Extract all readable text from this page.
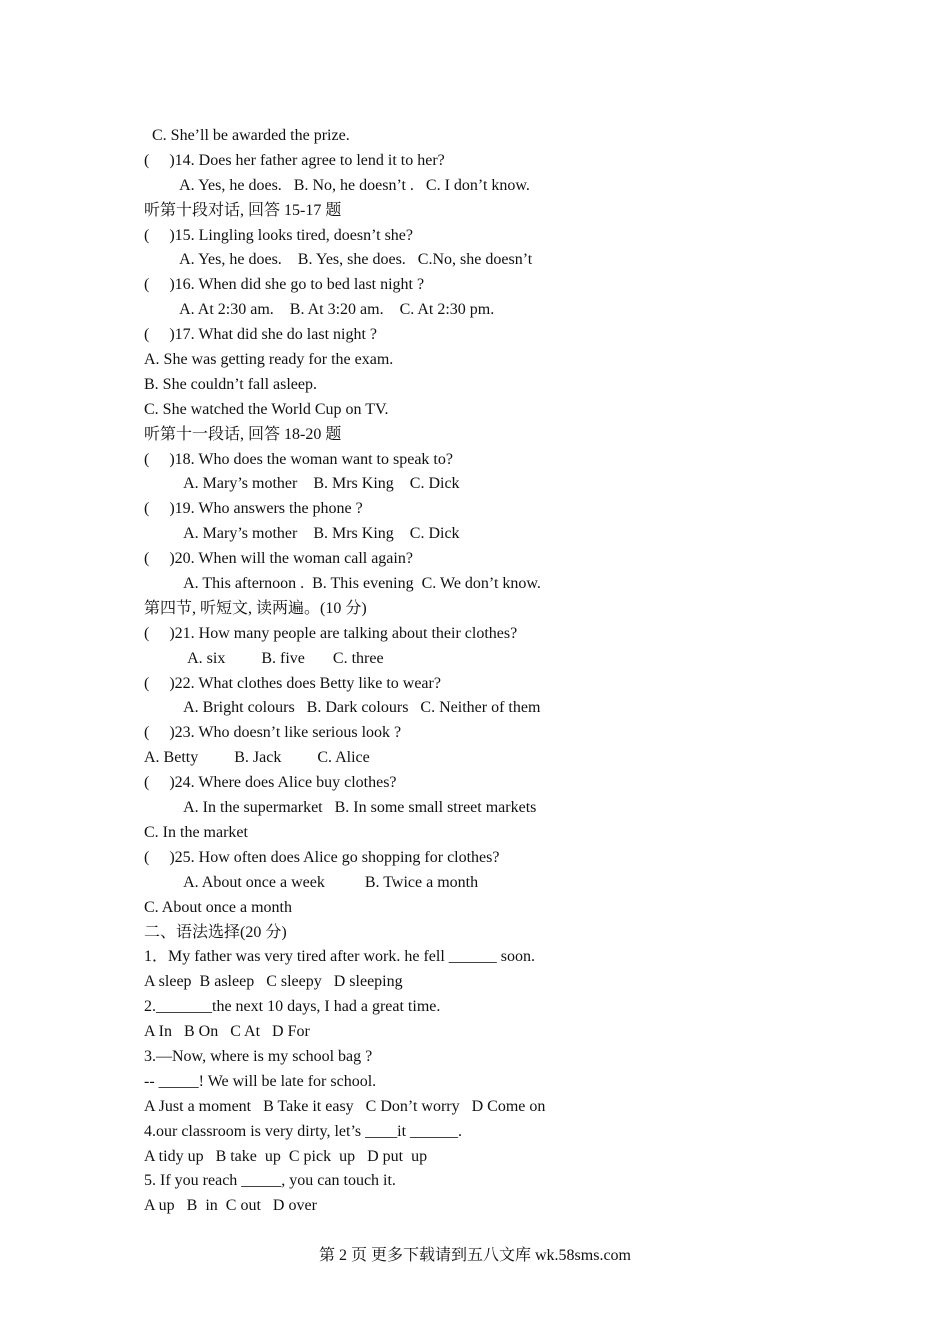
C. She’ll be awarded the prize.
(     )14. Does her father agree to lend it to her?
A. Yes, he does.   B. No, he doesn’t .   C. I don’t know.
听第十段对话, 回答 15-17 题
(     )15. Lingling looks tired, doesn’t she?
A. Yes, he does.    B. Yes, she does.   C.No, she doesn’t
(     )16. When did she go to bed last night ?
A. At 2:30 am.    B. At 3:20 am.    C. At 2:30 pm.
(     )17. What did she do last night ?
A. She was getting ready for the exam.
B. She couldn’t fall asleep.
C. She watched the World Cup on TV.
听第十一段话, 回答 18-20 题
(     )18. Who does the woman want to speak to?
A. Mary’s mother    B. Mrs King    C. Dick
(     )19. Who answers the phone ?
A. Mary’s mother    B. Mrs King    C. Dick
(     )20. When will the woman call again?
A. This afternoon .  B. This evening  C. We don’t know.
第四节, 听短文, 读两遍。(10 分)
(     )21. How many people are talking about their clothes?
A. six         B. five       C. three
(     )22. What clothes does Betty like to wear?
A. Bright colours   B. Dark colours   C. Neither of them
(     )23. Who doesn’t like serious look ?
A. Betty         B. Jack         C. Alice
(     )24. Where does Alice buy clothes?
A. In the supermarket   B. In some small street markets
C. In the market
(     )25. How often does Alice go shopping for clothes?
A. About once a week          B. Twice a month
C. About once a month
二、语法选择(20 分)
1．My father was very tired after work. he fell ______ soon.
A sleep  B asleep   C sleepy   D sleeping
2._______the next 10 days, I had a great time.
A In   B On   C At   D For
3.—Now, where is my school bag ?
-- _____! We will be late for school.
A Just a moment   B Take it easy   C Don’t worry   D Come on
4.our classroom is very dirty, let’s ____it ______.
A tidy up   B take  up  C pick  up   D put  up
5. If you reach _____, you can touch it.
A up   B  in  C out   D over
第 2 页 更多下载请到五八文库 wk.58sms.com
